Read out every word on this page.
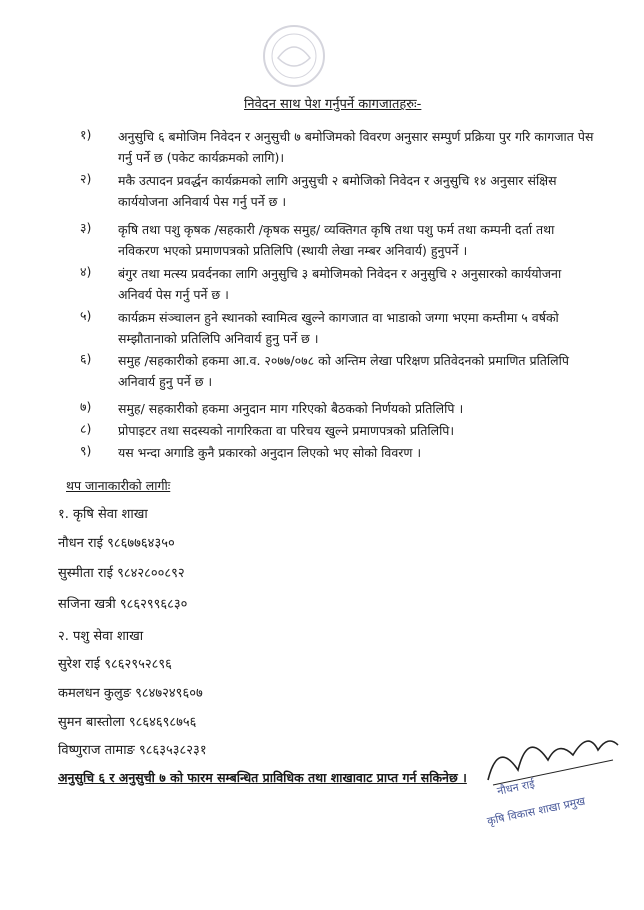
निवेदन साथ पेश गर्नुपर्ने कागजातहरुः-
१) अनुसुचि ६ बमोजिम निवेदन र अनुसुची ७ बमोजिमको विवरण अनुसार सम्पुर्ण प्रक्रिया पुर गरि कागजात पेस गर्नु पर्ने छ (पकेट कार्यक्रमको लागि)।
२) मकै उत्पादन प्रवर्द्धन कार्यक्रमको लागि अनुसुची २ बमोजिको निवेदन र अनुसुचि १४ अनुसार संक्षिस कार्ययोजना अनिवार्य पेस गर्नु पर्ने छ ।
३) कृषि तथा पशु कृषक /सहकारी /कृषक समुह/ व्यक्तिगत कृषि तथा पशु फर्म तथा कम्पनी दर्ता तथा नविकरण भएको प्रमाणपत्रको प्रतिलिपि (स्थायी लेखा नम्बर अनिवार्य) हुनुपर्ने ।
४) बंगुर तथा मत्स्य प्रवर्दनका लागि अनुसुचि ३ बमोजिमको निवेदन र अनुसुचि २ अनुसारको कार्ययोजना अनिवर्य पेस गर्नु पर्ने छ ।
५) कार्यक्रम संञ्चालन हुने स्थानको स्वामित्व खुल्ने कागजात वा भाडाको जग्गा भएमा कम्तीमा ५ वर्षको सम्झौतानाको प्रतिलिपि अनिवार्य हुनु पर्ने छ ।
६) समुह /सहकारीको हकमा आ.व. २०७७/०७८ को अन्तिम लेखा परिक्षण प्रतिवेदनको प्रमाणित प्रतिलिपि अनिवार्य हुनु पर्ने छ ।
७) समुह/ सहकारीको हकमा अनुदान माग गरिएको बैठकको निर्णयको प्रतिलिपि ।
८) प्रोपाइटर तथा सदस्यको नागरिकता वा परिचय खुल्ने प्रमाणपत्रको प्रतिलिपि।
९) यस भन्दा अगाडि कुनै प्रकारको अनुदान लिएको भए सोको विवरण ।
थप जानाकारीको लागीः
१. कृषि सेवा शाखा
नौधन राई ९८६७७६४३५०
सुस्मीता राई ९८४२८००८९२
सजिना खत्री ९८६२९९६८३०
२. पशु सेवा शाखा
सुरेश राई ९८६२९५२८९६
कमलधन कुलुङ ९८४७२४९६०७
सुमन बास्तोला ९८६४६९८७५६
विष्णुराज तामाङ ९८६३५३८२३१
अनुसुचि ६ र अनुसुची ७ को फारम सम्बन्धित प्राविधिक तथा शाखावाट प्राप्त गर्न सकिनेछ ।	नौधन राई
कृषि विकास शाखा प्रमुख
